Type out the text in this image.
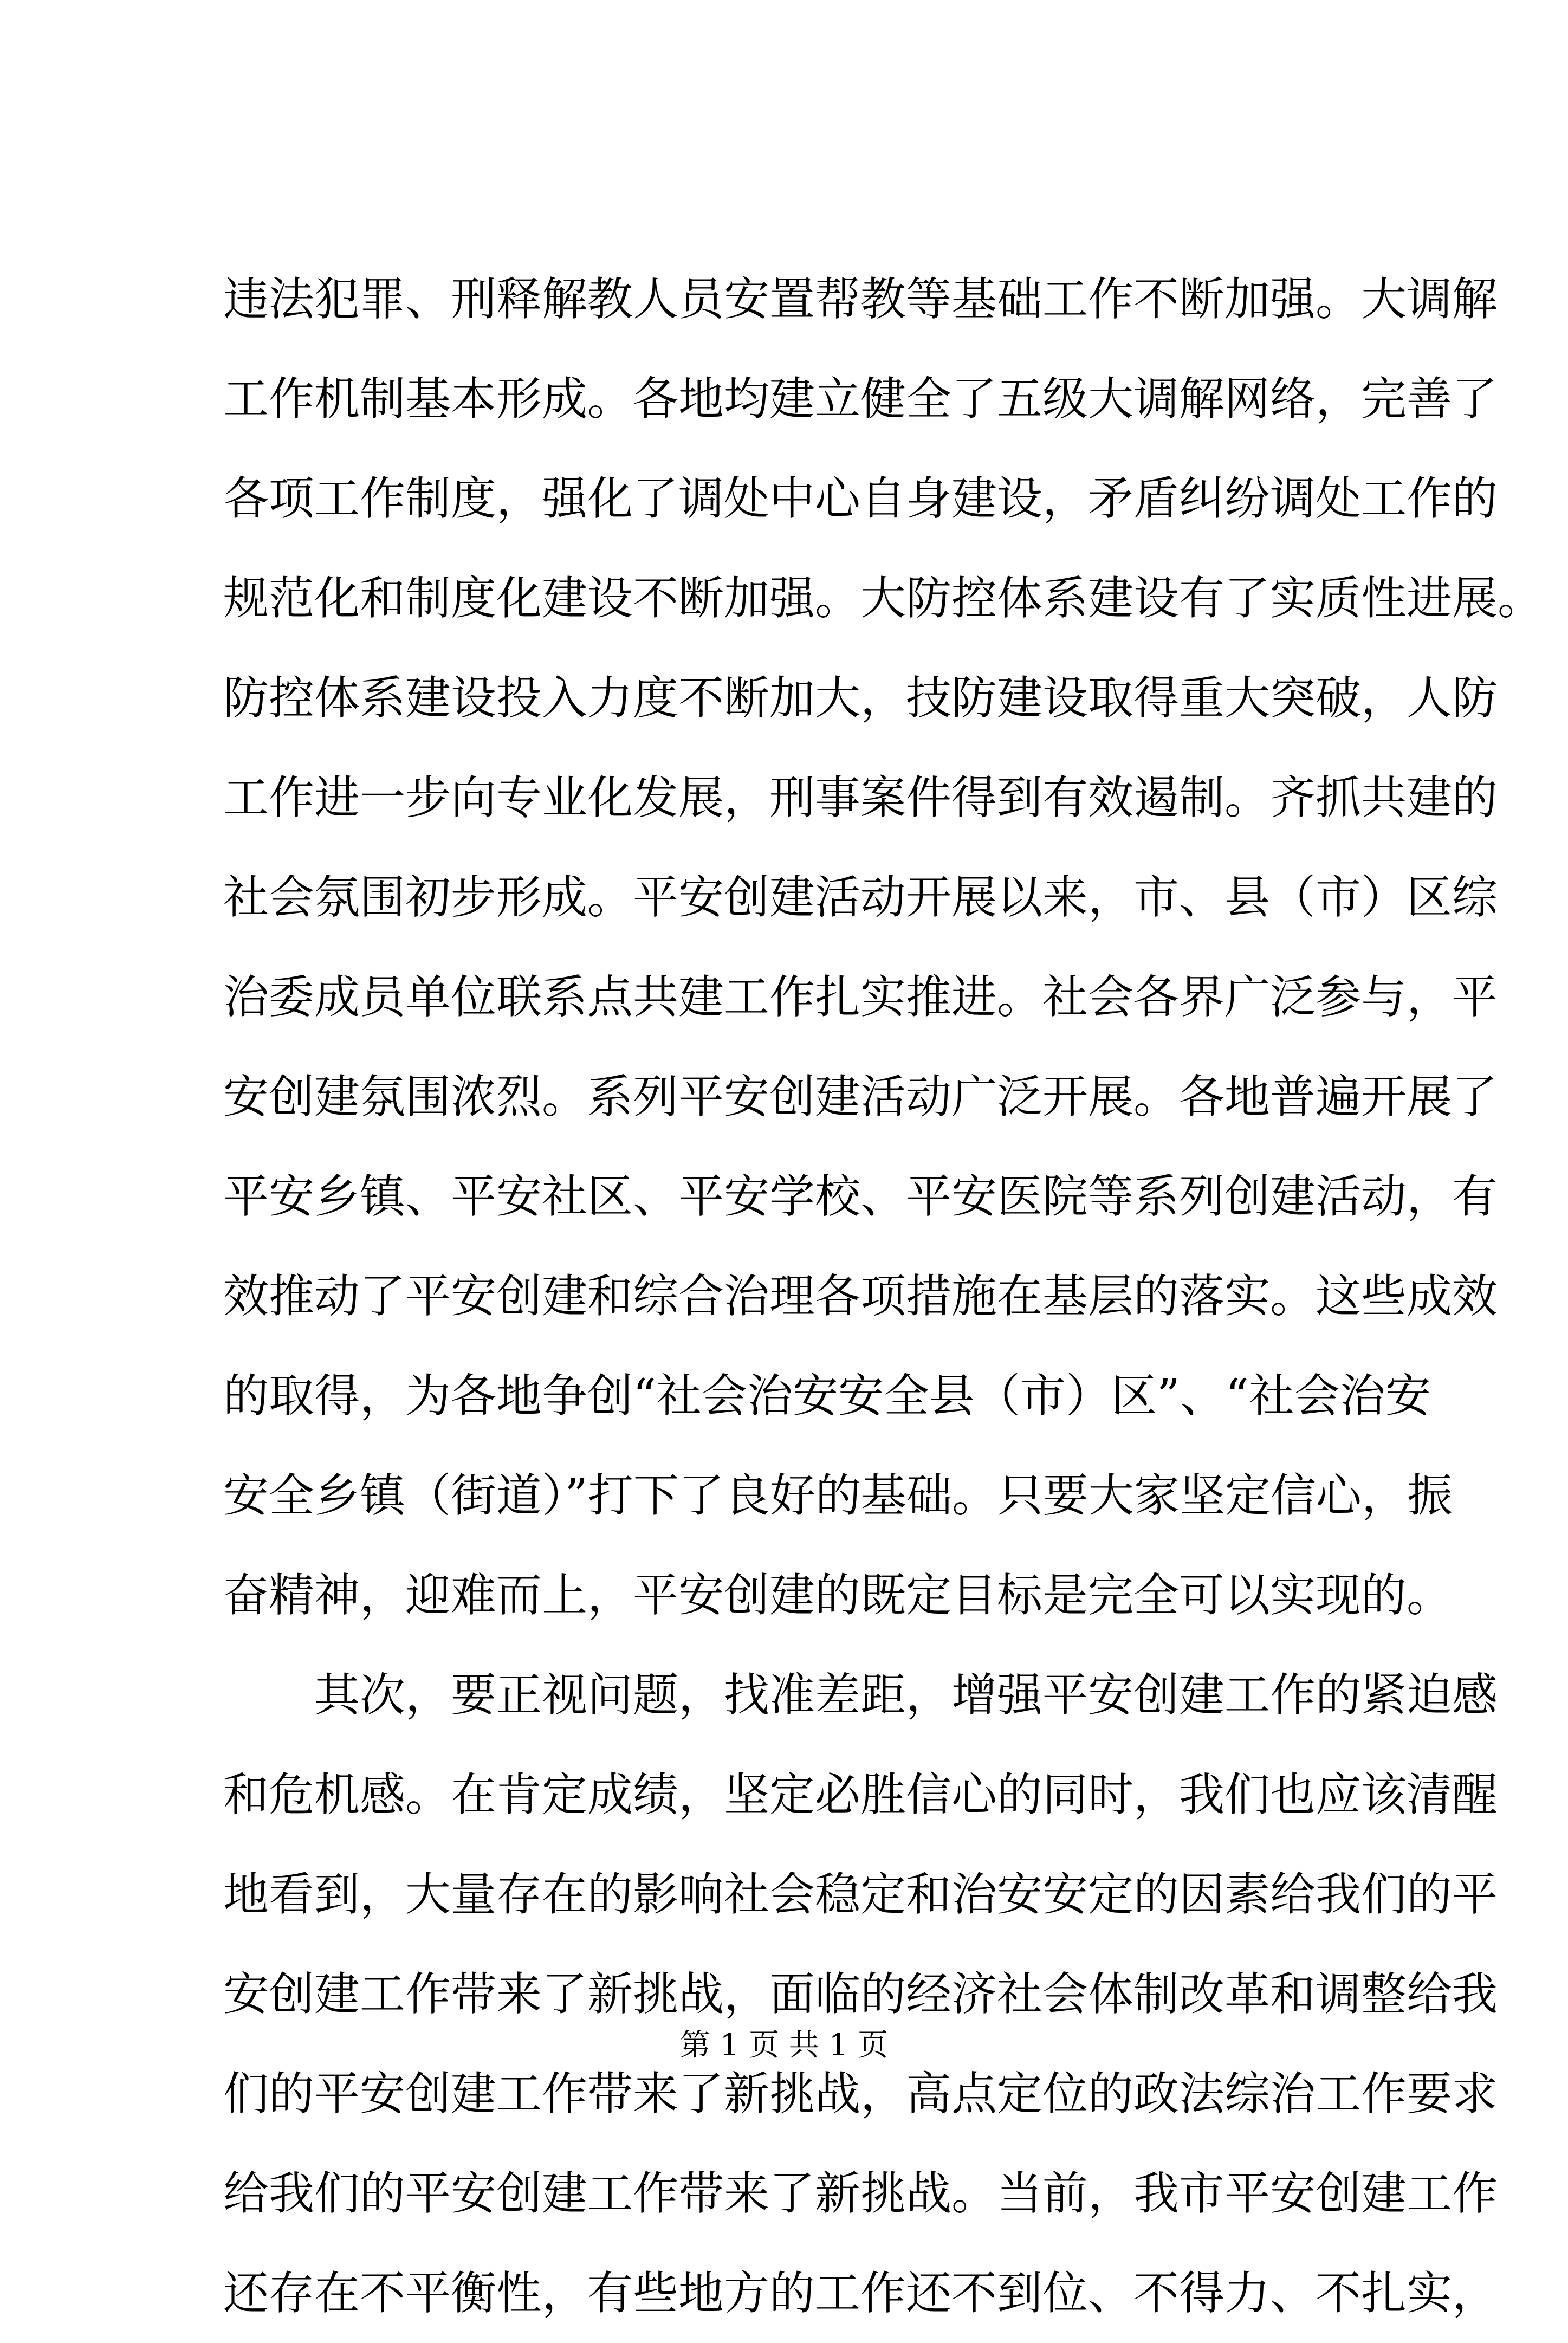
违法犯罪、刑释解教人员安置帮教等基础工作不断加强。大调解
工作机制基本形成。各地均建立健全了五级大调解网络，完善了
各项工作制度，强化了调处中心自身建设，矛盾纠纷调处工作的
规范化和制度化建设不断加强。大防控体系建设有了实质性进展。
防控体系建设投入力度不断加大，技防建设取得重大突破，人防
工作进一步向专业化发展，刑事案件得到有效遏制。齐抓共建的
社会氛围初步形成。平安创建活动开展以来，市、县（市）区综
治委成员单位联系点共建工作扎实推进。社会各界广泛参与，平
安创建氛围浓烈。系列平安创建活动广泛开展。各地普遍开展了
平安乡镇、平安社区、平安学校、平安医院等系列创建活动，有
效推动了平安创建和综合治理各项措施在基层的落实。这些成效
的取得，为各地争创“社会治安安全县（市）区”、“社会治安
安全乡镇（街道）”打下了良好的基础。只要大家坚定信心，振
奋精神，迎难而上，平安创建的既定目标是完全可以实现的。
　　其次，要正视问题，找准差距，增强平安创建工作的紧迫感
和危机感。在肯定成绩，坚定必胜信心的同时，我们也应该清醒
地看到，大量存在的影响社会稳定和治安安定的因素给我们的平
安创建工作带来了新挑战，面临的经济社会体制改革和调整给我
们的平安创建工作带来了新挑战，高点定位的政法综治工作要求
给我们的平安创建工作带来了新挑战。当前，我市平安创建工作
还存在不平衡性，有些地方的工作还不到位、不得力、不扎实，
第 1 页 共 1 页
